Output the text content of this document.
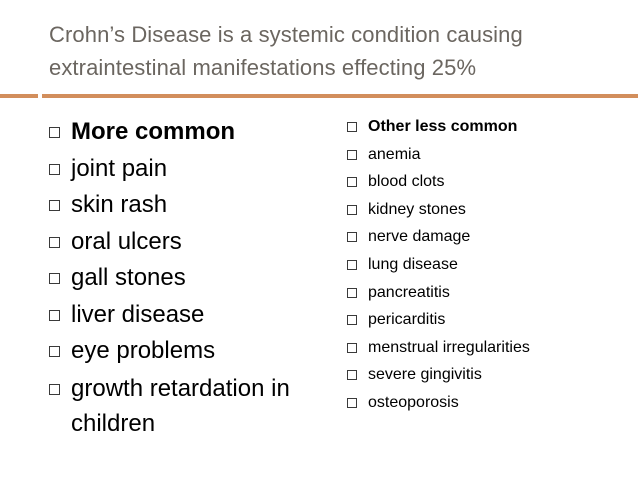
Crohn’s Disease is a systemic condition causing extraintestinal manifestations effecting 25%
More common
joint pain
skin rash
oral ulcers
gall stones
liver disease
eye problems
growth retardation in children
Other less common
anemia
blood clots
kidney stones
nerve damage
lung disease
pancreatitis
pericarditis
menstrual irregularities
severe gingivitis
osteoporosis
